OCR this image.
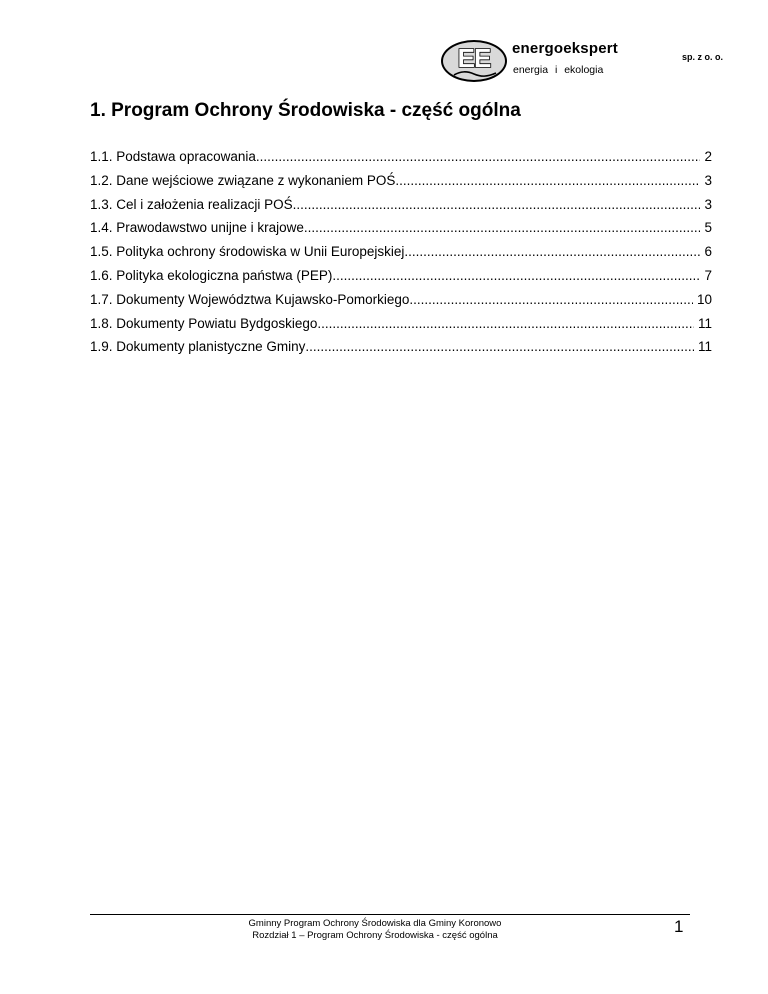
EE	energoekspert
energia i ekologia
sp. z o. o.
1. Program Ochrony Środowiska - część ogólna
1.1. Podstawa opracowania .....	2
1.2. Dane wejściowe związane z wykonaniem POŚ .....	3
1.3. Cel i założenia realizacji POŚ .....	3
1.4. Prawodawstwo unijne i krajowe .....	5
1.5. Polityka ochrony środowiska w Unii Europejskiej .....	6
1.6. Polityka ekologiczna państwa (PEP) .....	7
1.7. Dokumenty Województwa Kujawsko-Pomorkiego .....	10
1.8. Dokumenty Powiatu Bydgoskiego .....	11
1.9. Dokumenty planistyczne Gminy .....	11
Gminny Program Ochrony Środowiska dla Gminy Koronowo
Rozdział 1 – Program Ochrony Środowiska - część ogólna	1
